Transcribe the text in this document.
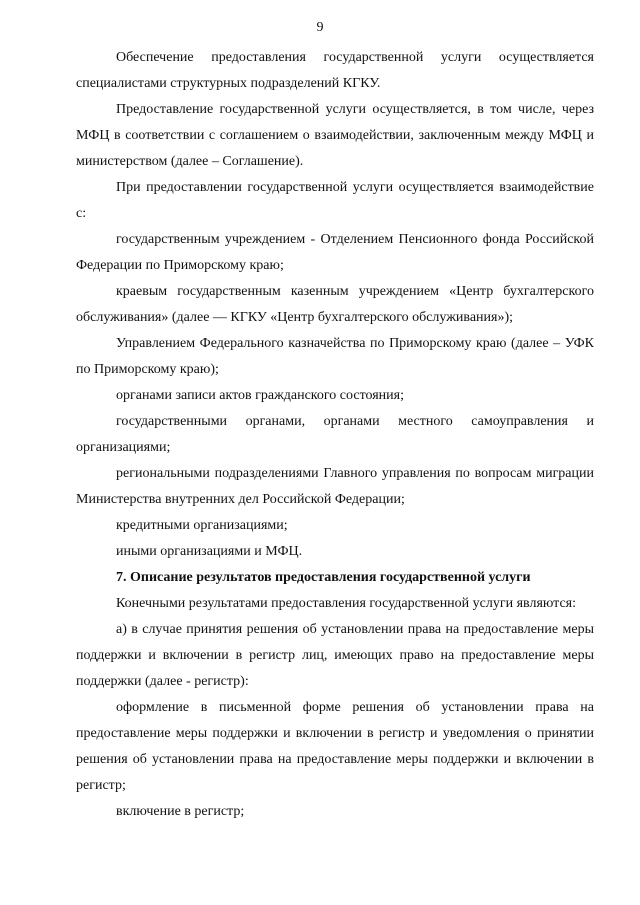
9

Обеспечение предоставления государственной услуги осуществляется специалистами структурных подразделений КГКУ.

Предоставление государственной услуги осуществляется, в том числе, через МФЦ в соответствии с соглашением о взаимодействии, заключенным между МФЦ и министерством (далее – Соглашение).

При предоставлении государственной услуги осуществляется взаимодействие с:

государственным учреждением - Отделением Пенсионного фонда Российской Федерации по Приморскому краю;

краевым государственным казенным учреждением «Центр бухгалтерского обслуживания» (далее — КГКУ «Центр бухгалтерского обслуживания»);

Управлением Федерального казначейства по Приморскому краю (далее – УФК по Приморскому краю);

органами записи актов гражданского состояния;

государственными органами, органами местного самоуправления и организациями;

региональными подразделениями Главного управления по вопросам миграции Министерства внутренних дел Российской Федерации;

кредитными организациями;

иными организациями и МФЦ.

7. Описание результатов предоставления государственной услуги

Конечными результатами предоставления государственной услуги являются:

а) в случае принятия решения об установлении права на предоставление меры поддержки и включении в регистр лиц, имеющих право на предоставление меры поддержки (далее - регистр):

оформление в письменной форме решения об установлении права на предоставление меры поддержки и включении в регистр и уведомления о принятии решения об установлении права на предоставление меры поддержки и включении в регистр;

включение в регистр;
